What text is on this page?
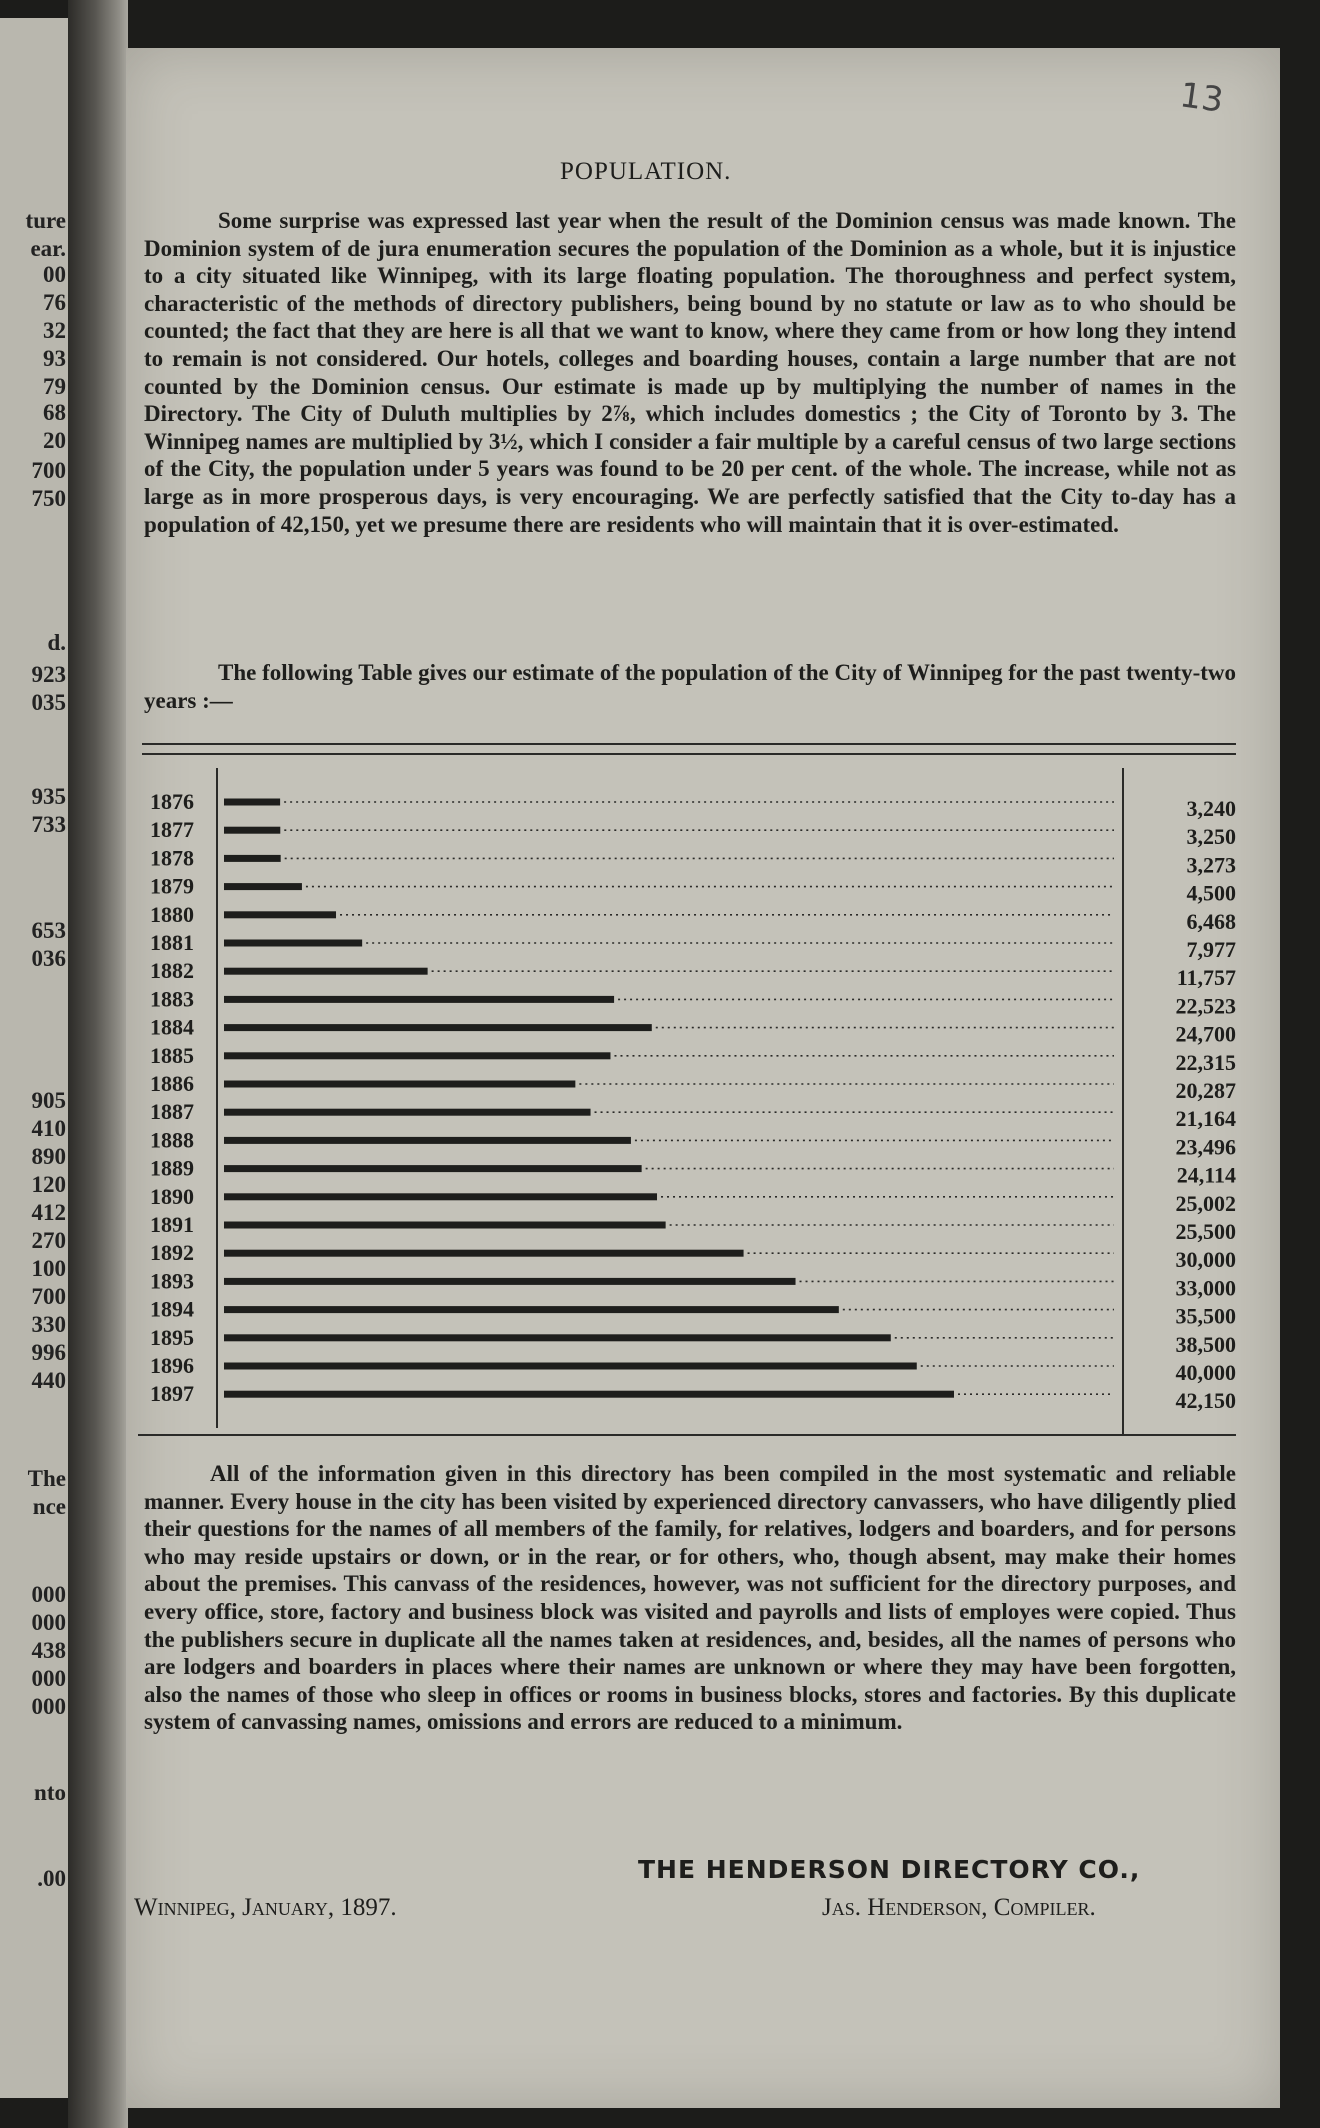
ture
ear.
00
76
32
93
79
68
20
700
750
d.
923
035
935
733
653
036
905
410
890
120
412
270
100
700
330
996
440
The
nce
000
000
438
000
000
nto
.00
13
POPULATION.

Some surprise was expressed last year when the result of the Dominion census was made known. The Dominion system of de jura enumeration secures the population of the Dominion as a whole, but it is injustice to a city situated like Winnipeg, with its large floating population. The thoroughness and perfect system, characteristic of the methods of directory publishers, being bound by no statute or law as to who should be counted; the fact that they are here is all that we want to know, where they came from or how long they intend to remain is not considered. Our hotels, colleges and boarding houses, contain a large number that are not counted by the Dominion census. Our estimate is made up by multiplying the number of names in the Directory. The City of Duluth multiplies by 2⅞, which includes domestics ; the City of Toronto by 3. The Winnipeg names are multiplied by 3½, which I consider a fair multiple by a careful census of two large sections of the City, the population under 5 years was found to be 20 per cent. of the whole. The increase, while not as large as in more prosperous days, is very encouraging. We are perfectly satisfied that the City to-day has a population of 42,150, yet we presume there are residents who will maintain that it is over-estimated.

The following Table gives our estimate of the population of the City of Winnipeg for the past twenty-two years :—

1876	3,240
1877	3,250
1878	3,273
1879	4,500
1880	6,468
1881	7,977
1882	11,757
1883	22,523
1884	24,700
1885	22,315
1886	20,287
1887	21,164
1888	23,496
1889	24,114
1890	25,002
1891	25,500
1892	30,000
1893	33,000
1894	35,500
1895	38,500
1896	40,000
1897	42,150

All of the information given in this directory has been compiled in the most systematic and reliable manner. Every house in the city has been visited by experienced directory canvassers, who have diligently plied their questions for the names of all members of the family, for relatives, lodgers and boarders, and for persons who may reside upstairs or down, or in the rear, or for others, who, though absent, may make their homes about the premises. This canvass of the residences, however, was not sufficient for the directory purposes, and every office, store, factory and business block was visited and payrolls and lists of employes were copied. Thus the publishers secure in duplicate all the names taken at residences, and, besides, all the names of persons who are lodgers and boarders in places where their names are unknown or where they may have been forgotten, also the names of those who sleep in offices or rooms in business blocks, stores and factories. By this duplicate system of canvassing names, omissions and errors are reduced to a minimum.

THE HENDERSON DIRECTORY CO.,
Winnipeg, January, 1897.	Jas. Henderson, Compiler.
